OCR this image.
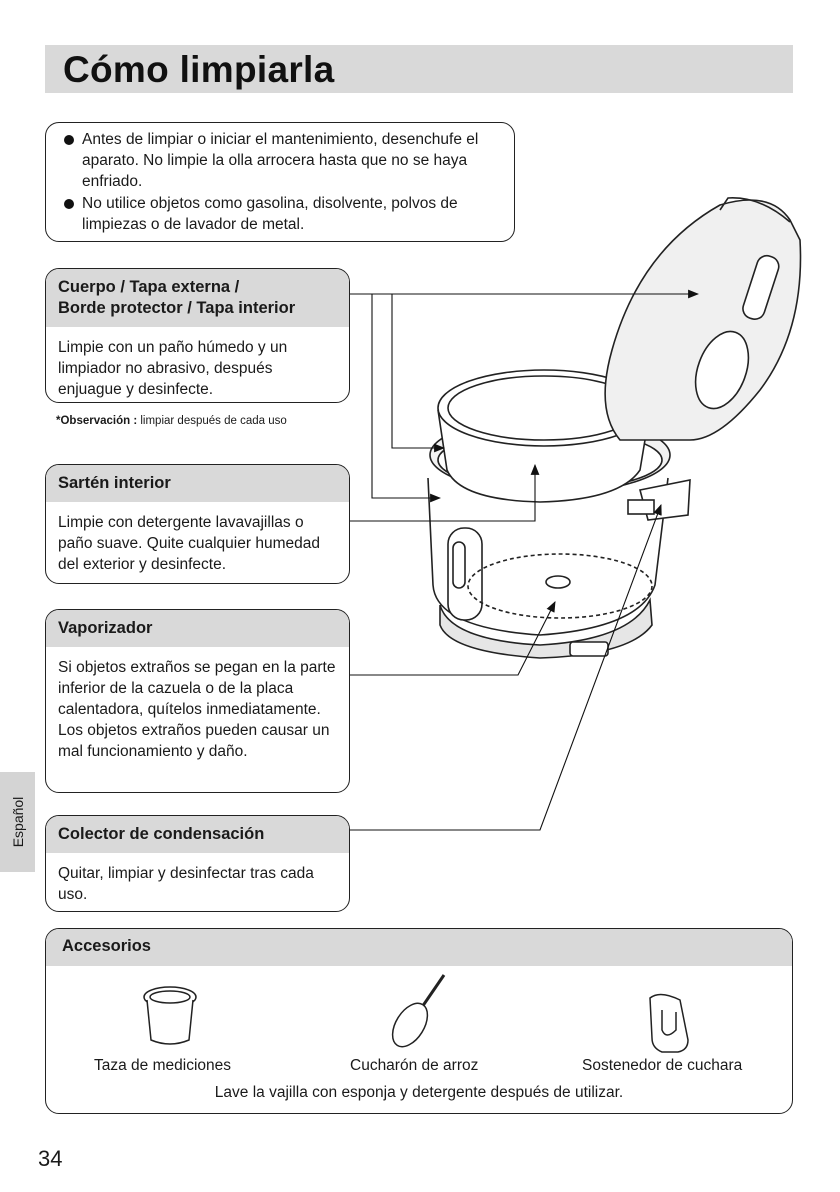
Cómo limpiarla
Antes de limpiar o iniciar el mantenimiento, desenchufe el aparato. No limpie la olla arrocera hasta que no se haya enfriado.
No utilice objetos como gasolina, disolvente, polvos de limpiezas o de lavador de metal.
Cuerpo / Tapa externa /
Borde protector / Tapa interior
Limpie con un paño húmedo y un limpiador no abrasivo, después enjuague y desinfecte.
*Observación : limpiar después de cada uso
Sartén interior
Limpie con detergente lavavajillas o paño suave. Quite cualquier humedad del exterior y desinfecte.
Vaporizador
Si objetos extraños se pegan en la parte inferior de la cazuela o de la placa calentadora, quítelos inmediatamente.
Los objetos extraños pueden causar un mal funcionamiento y daño.
Colector de condensación
Quitar, limpiar y desinfectar tras cada uso.
Español
Accesorios
Taza de mediciones	Cucharón de arroz	Sostenedor de cuchara
Lave la vajilla con esponja y detergente después de utilizar.
34
